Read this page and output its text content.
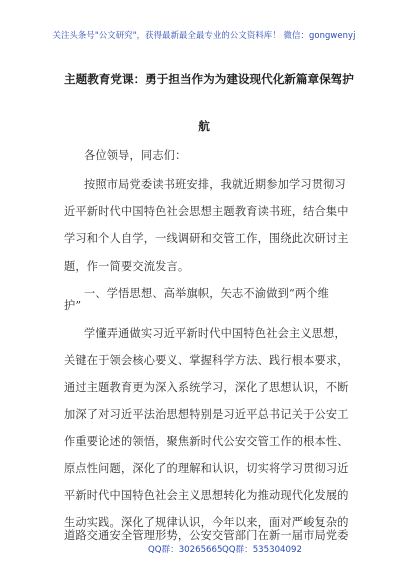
关注头条号"公文研究"，获得最新最全最专业的公文资料库！ 微信：gongwenyj
主题教育党课：勇于担当作为为建设现代化新篇章保驾护
航
各位领导，同志们：
按照市局党委读书班安排，我就近期参加学习贯彻习
近平新时代中国特色社会思想主题教育读书班，结合集中
学习和个人自学，一线调研和交管工作，围绕此次研讨主
题，作一简要交流发言。
一、学悟思想、高举旗帜，矢志不渝做到“两个维
护”
学懂弄通做实习近平新时代中国特色社会主义思想，
关键在于领会核心要义、掌握科学方法、践行根本要求，
通过主题教育更为深入系统学习，深化了思想认识，不断
加深了对习近平法治思想特别是习近平总书记关于公安工
作重要论述的领悟，聚焦新时代公安交管工作的根本性、
原点性问题，深化了的理解和认识，切实将学习贯彻习近
平新时代中国特色社会主义思想转化为推动现代化发展的
生动实践。深化了规律认识，今年以来，面对严峻复杂的
道路交通安全管理形势，公安交管部门在新一届市局党委
QQ群：30265665 QQ群：535304092
